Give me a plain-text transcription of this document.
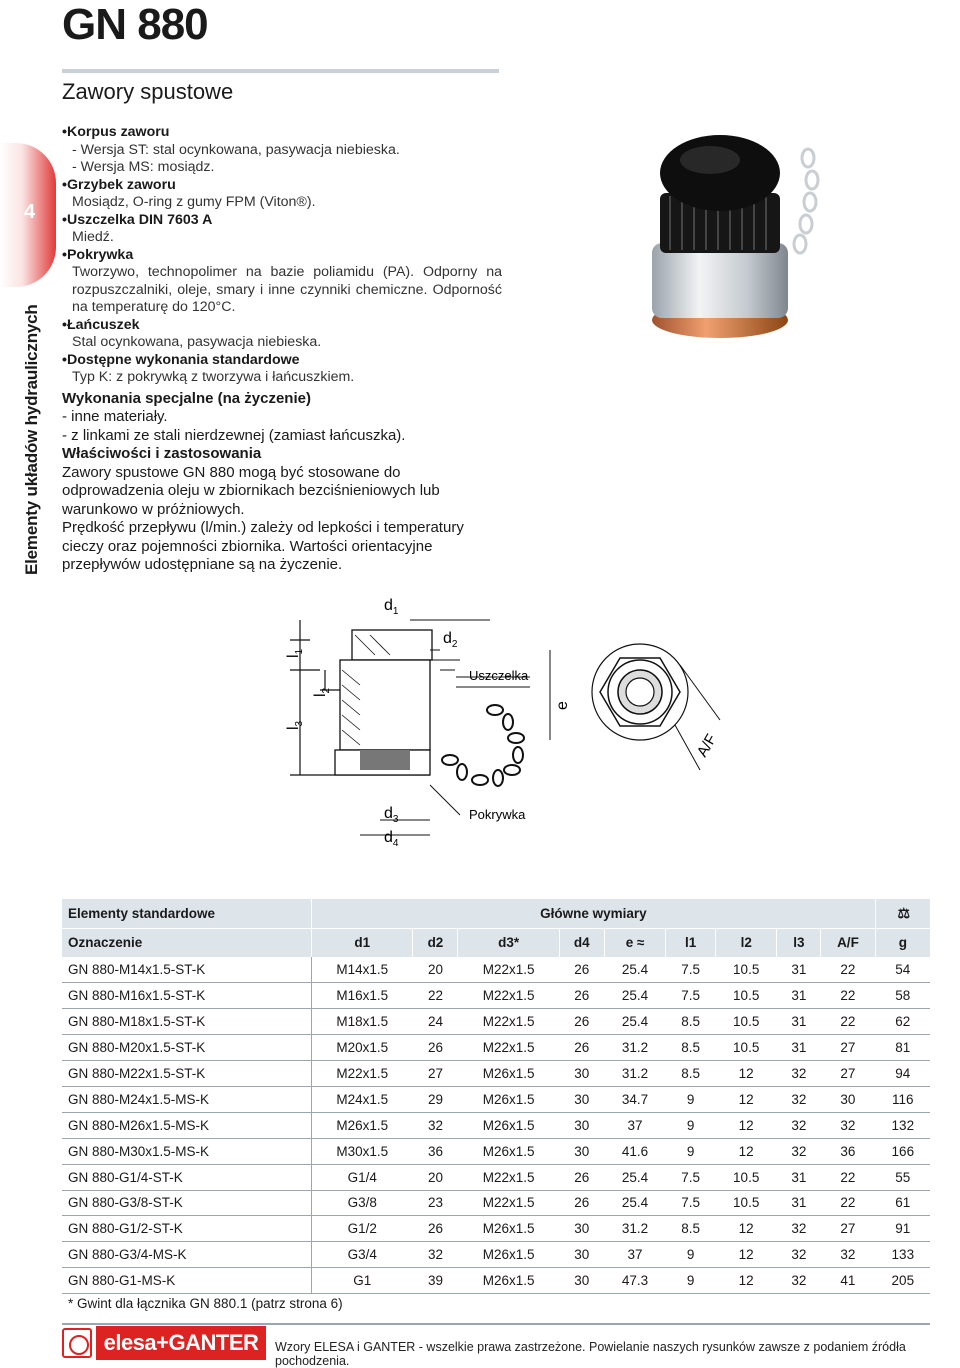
GN 880
Zawory spustowe
4
Elementy układów hydraulicznych
• Korpus zaworu
- Wersja ST: stal ocynkowana, pasywacja niebieska.
- Wersja MS: mosiądz.
• Grzybek zaworu
Mosiądz, O-ring z gumy FPM (Viton®).
• Uszczelka DIN 7603 A
Miedź.
• Pokrywka
Tworzywo, technopolimer na bazie poliamidu (PA). Odporny na rozpuszczalniki, oleje, smary i inne czynniki chemiczne. Odporność na temperaturę do 120°C.
• Łańcuszek
Stal ocynkowana, pasywacja niebieska.
• Dostępne wykonania standardowe
Typ K: z pokrywką z tworzywa i łańcuszkiem.
Wykonania specjalne (na życzenie)
- inne materiały.
- z linkami ze stali nierdzewnej (zamiast łańcuszka).
Właściwości i zastosowania
Zawory spustowe GN 880 mogą być stosowane do odprowadzenia oleju w zbiornikach bezciśnieniowych lub warunkowo w próżniowych.
Prędkość przepływu (l/min.) zależy od lepkości i temperatury cieczy oraz pojemności zbiornika. Wartości orientacyjne przepływów udostępniane są na życzenie.
$d_1$
$d_2$
$d_3$
$d_4$
$l_1$
$l_2$
$l_3$
Uszczelka
Pokrywka
e
A/F
Elementy standardowe	Główne wymiary									⚖
Oznaczenie	d1	d2	d3*	d4	e ≈	l1	l2	l3	A/F	g
GN 880-M14x1.5-ST-K	M14x1.5	20	M22x1.5	26	25.4	7.5	10.5	31	22	54
GN 880-M16x1.5-ST-K	M16x1.5	22	M22x1.5	26	25.4	7.5	10.5	31	22	58
GN 880-M18x1.5-ST-K	M18x1.5	24	M22x1.5	26	25.4	8.5	10.5	31	22	62
GN 880-M20x1.5-ST-K	M20x1.5	26	M22x1.5	26	31.2	8.5	10.5	31	27	81
GN 880-M22x1.5-ST-K	M22x1.5	27	M26x1.5	30	31.2	8.5	12	32	27	94
GN 880-M24x1.5-MS-K	M24x1.5	29	M26x1.5	30	34.7	9	12	32	30	116
GN 880-M26x1.5-MS-K	M26x1.5	32	M26x1.5	30	37	9	12	32	32	132
GN 880-M30x1.5-MS-K	M30x1.5	36	M26x1.5	30	41.6	9	12	32	36	166
GN 880-G1/4-ST-K	G1/4	20	M22x1.5	26	25.4	7.5	10.5	31	22	55
GN 880-G3/8-ST-K	G3/8	23	M22x1.5	26	25.4	7.5	10.5	31	22	61
GN 880-G1/2-ST-K	G1/2	26	M26x1.5	30	31.2	8.5	12	32	27	91
GN 880-G3/4-MS-K	G3/4	32	M26x1.5	30	37	9	12	32	32	133
GN 880-G1-MS-K	G1	39	M26x1.5	30	47.3	9	12	32	41	205
* Gwint dla łącznika GN 880.1 (patrz strona 6)
elesa+GANTER	Wzory ELESA i GANTER - wszelkie prawa zastrzeżone. Powielanie naszych rysunków zawsze z podaniem źródła pochodzenia.
